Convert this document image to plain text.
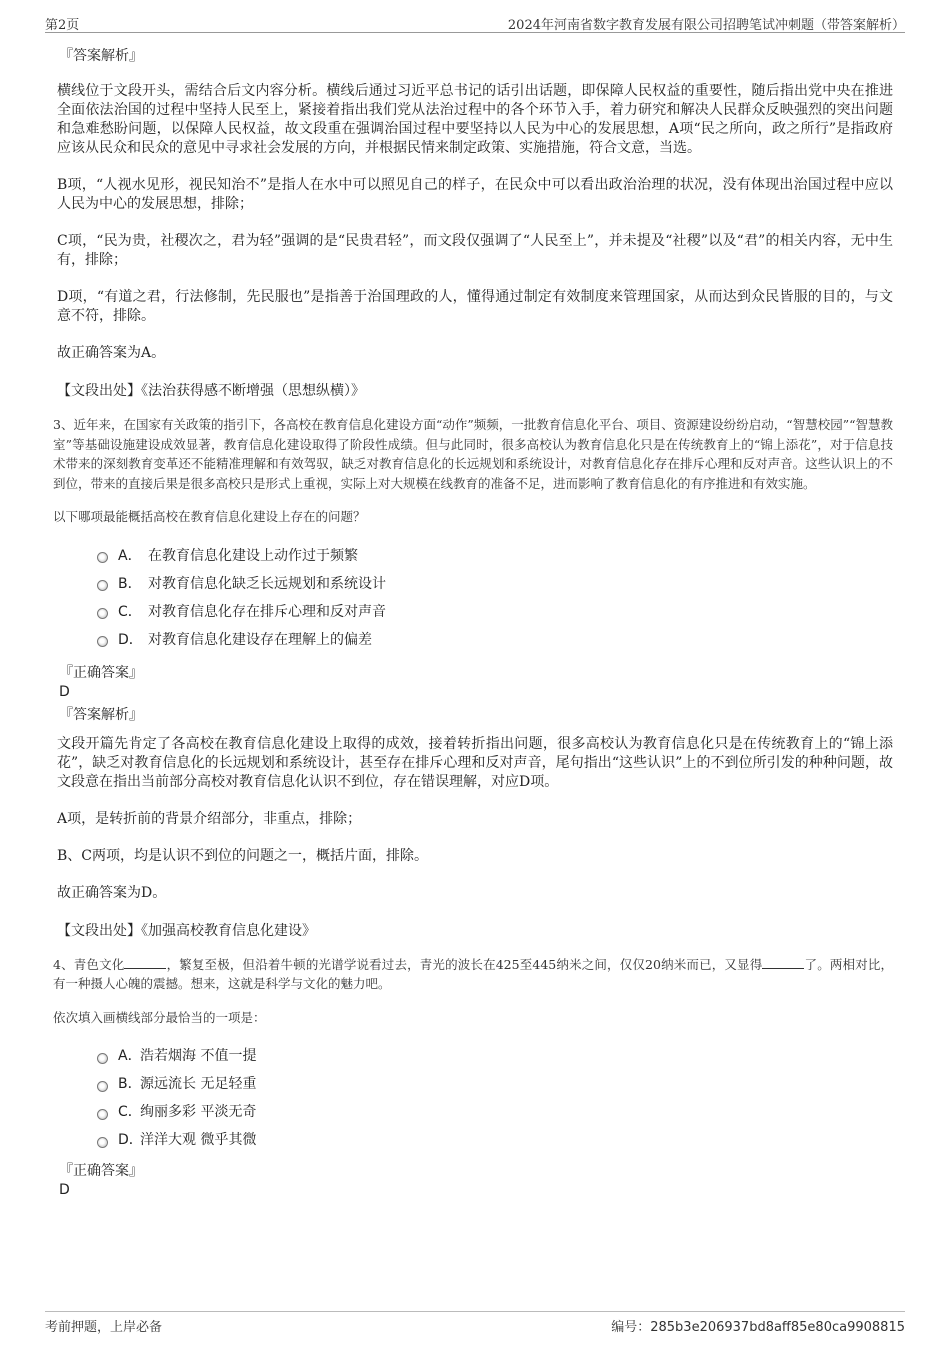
第2页	2024年河南省数字教育发展有限公司招聘笔试冲刺题（带答案解析）
『答案解析』

横线位于文段开头，需结合后文内容分析。横线后通过习近平总书记的话引出话题，即保障人民权益的重要性，随后指出党中央在推进全面依法治国的过程中坚持人民至上，紧接着指出我们党从法治过程中的各个环节入手，着力研究和解决人民群众反映强烈的突出问题和急难愁盼问题，以保障人民权益，故文段重在强调治国过程中要坚持以人民为中心的发展思想，A项“民之所向，政之所行”是指政府应该从民众和民众的意见中寻求社会发展的方向，并根据民情来制定政策、实施措施，符合文意，当选。

B项，“人视水见形，视民知治不”是指人在水中可以照见自己的样子，在民众中可以看出政治治理的状况，没有体现出治国过程中应以人民为中心的发展思想，排除；

C项，“民为贵，社稷次之，君为轻”强调的是“民贵君轻”，而文段仅强调了“人民至上”，并未提及“社稷”以及“君”的相关内容，无中生有，排除；

D项，“有道之君，行法修制，先民服也”是指善于治国理政的人，懂得通过制定有效制度来管理国家，从而达到众民皆服的目的，与文意不符，排除。

故正确答案为A。

【文段出处】《法治获得感不断增强（思想纵横）》

3、近年来，在国家有关政策的指引下，各高校在教育信息化建设方面“动作”频频，一批教育信息化平台、项目、资源建设纷纷启动，“智慧校园”“智慧教室”等基础设施建设成效显著，教育信息化建设取得了阶段性成绩。但与此同时，很多高校认为教育信息化只是在传统教育上的“锦上添花”，对于信息技术带来的深刻教育变革还不能精准理解和有效驾驭，缺乏对教育信息化的长远规划和系统设计，对教育信息化存在排斥心理和反对声音。这些认识上的不到位，带来的直接后果是很多高校只是形式上重视，实际上对大规模在线教育的准备不足，进而影响了教育信息化的有序推进和有效实施。

以下哪项最能概括高校在教育信息化建设上存在的问题？

A． 在教育信息化建设上动作过于频繁
B． 对教育信息化缺乏长远规划和系统设计
C． 对教育信息化存在排斥心理和反对声音
D． 对教育信息化建设存在理解上的偏差
『正确答案』
D
『答案解析』

文段开篇先肯定了各高校在教育信息化建设上取得的成效，接着转折指出问题，很多高校认为教育信息化只是在传统教育上的“锦上添花”，缺乏对教育信息化的长远规划和系统设计，甚至存在排斥心理和反对声音，尾句指出“这些认识”上的不到位所引发的种种问题，故文段意在指出当前部分高校对教育信息化认识不到位，存在错误理解，对应D项。

A项，是转折前的背景介绍部分，非重点，排除；

B、C两项，均是认识不到位的问题之一，概括片面，排除。

故正确答案为D。

【文段出处】《加强高校教育信息化建设》

4、青色文化	，繁复至极，但沿着牛顿的光谱学说看过去，青光的波长在425至445纳米之间，仅仅20纳米而已，又显得	了。两相对比，有一种摄人心魄的震撼。想来，这就是科学与文化的魅力吧。

依次填入画横线部分最恰当的一项是：

A．
浩若烟海 不值一提
B．
源远流长 无足轻重
C．
绚丽多彩 平淡无奇
D．
洋洋大观 微乎其微
『正确答案』
D
考前押题，上岸必备	编号：285b3e206937bd8aff85e80ca9908815
